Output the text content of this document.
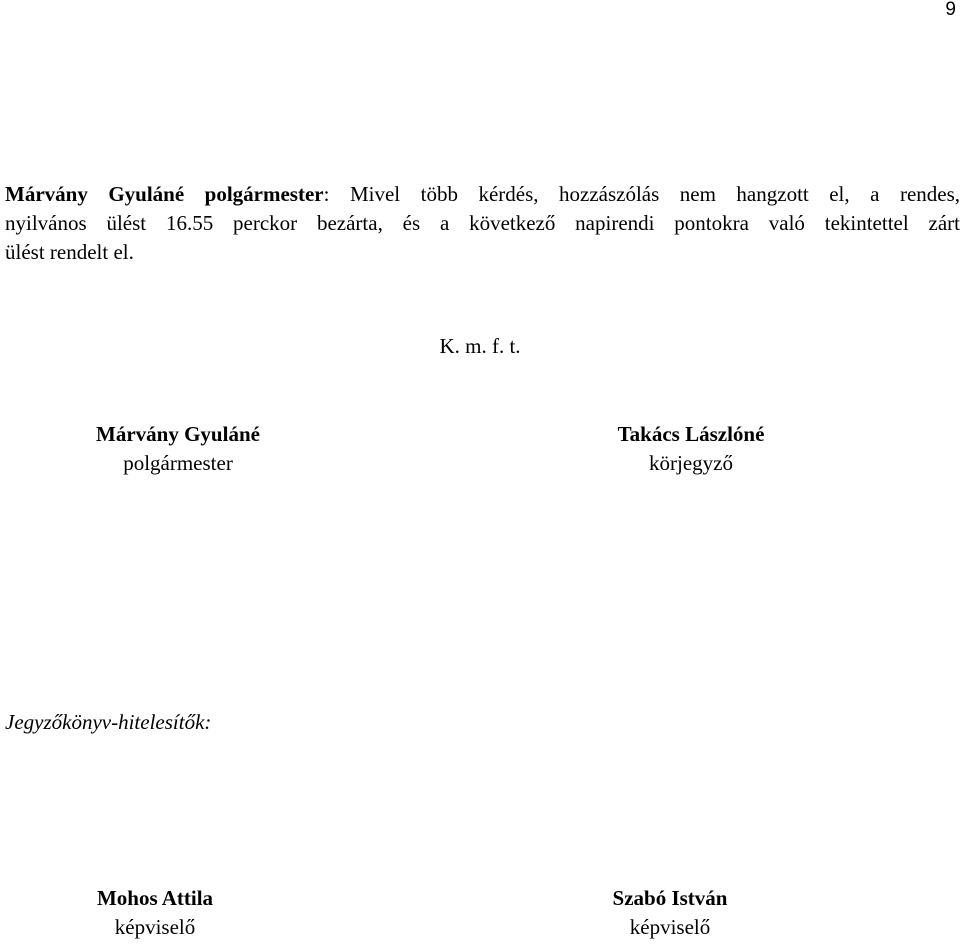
9
Márvány Gyuláné polgármester: Mivel több kérdés, hozzászólás nem hangzott el, a rendes,
nyilvános ülést 16.55 perckor bezárta, és a következő napirendi pontokra való tekintettel zárt
ülést rendelt el.
K. m. f. t.
Márvány Gyuláné
polgármester
Takács Lászlóné
körjegyző
Jegyzőkönyv-hitelesítők:
Mohos Attila
képviselő
Szabó István
képviselő
